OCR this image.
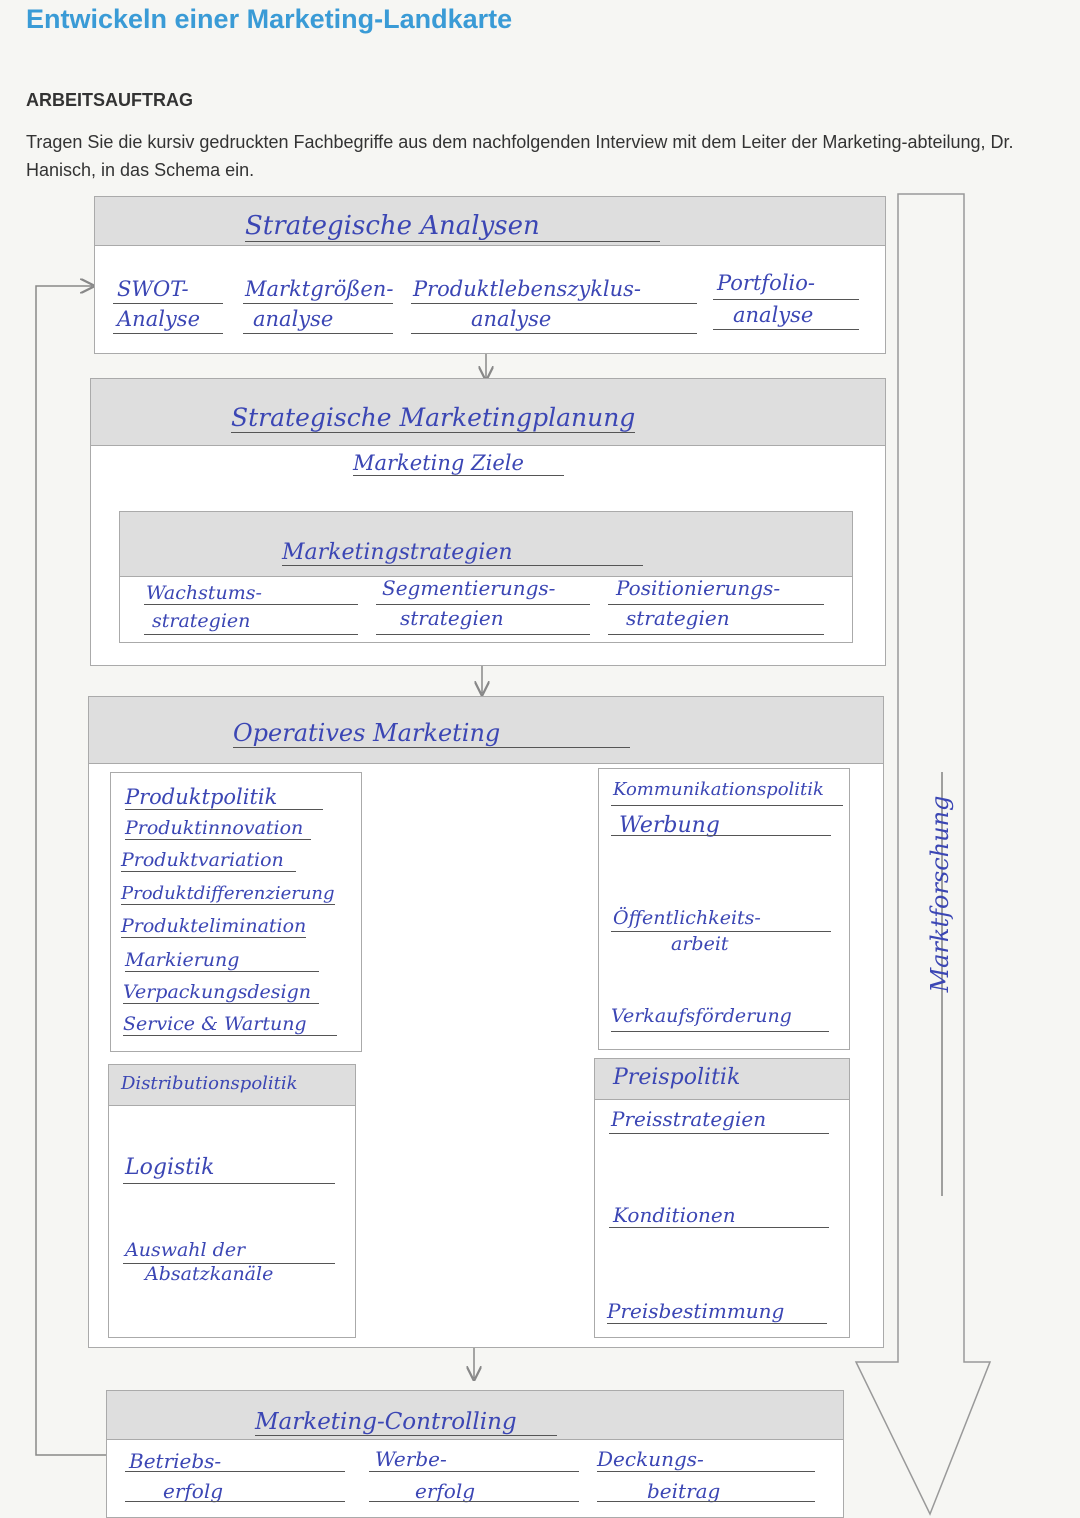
Entwickeln einer Marketing-Landkarte
ARBEITSAUFTRAG
Tragen Sie die kursiv gedruckten Fachbegriffe aus dem nachfolgenden Interview mit dem Leiter der Marketing-abteilung, Dr. Hanisch, in das Schema ein.
Strategische Analysen
SWOT-
Analyse
Marktgrößen-
analyse
Produktlebenszyklus-
analyse
Portfolio-
analyse
Strategische Marketingplanung
Marketing Ziele
Marketingstrategien
Wachstums-
strategien
Segmentierungs-
strategien
Positionierungs-
strategien
Operatives Marketing
Produktpolitik
Produktinnovation
Produktvariation
Produktdifferenzierung
Produktelimination
Markierung
Verpackungsdesign
Service & Wartung
Distributionspolitik
Logistik
Auswahl der
Absatzkanäle
Kommunikationspolitik
Werbung
Öffentlichkeits-
arbeit
Verkaufsförderung
Preispolitik
Preisstrategien
Konditionen
Preisbestimmung
Marketing-Controlling
Betriebs-
erfolg
Werbe-
erfolg
Deckungs-
beitrag
Marktforschung
